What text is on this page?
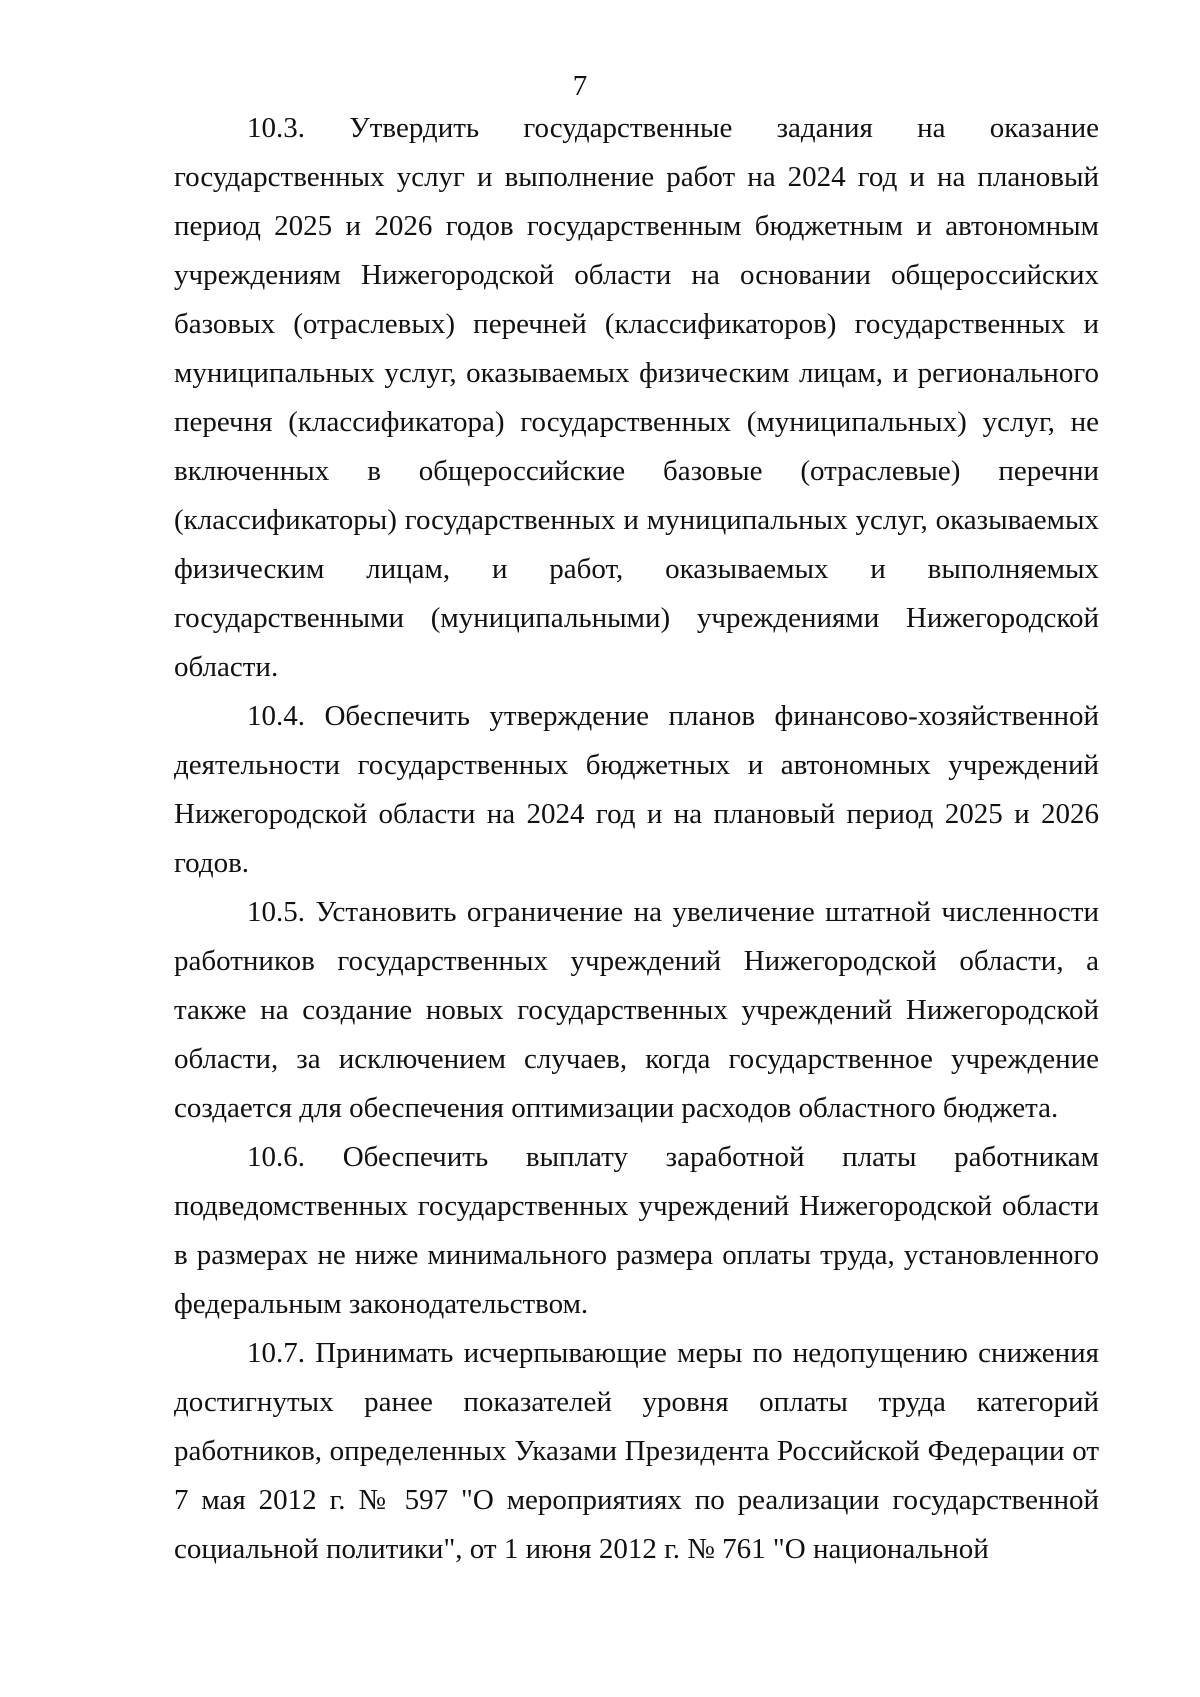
7

10.3. Утвердить государственные задания на оказание государственных услуг и выполнение работ на 2024 год и на плановый период 2025 и 2026 годов государственным бюджетным и автономным учреждениям Нижегородской области на основании общероссийских базовых (отраслевых) перечней (классификаторов) государственных и муниципальных услуг, оказываемых физическим лицам, и регионального перечня (классификатора) государственных (муниципальных) услуг, не включенных в общероссийские базовые (отраслевые) перечни (классификаторы) государственных и муниципальных услуг, оказываемых физическим лицам, и работ, оказываемых и выполняемых государственными (муниципальными) учреждениями Нижегородской области.

10.4. Обеспечить утверждение планов финансово-хозяйственной деятельности государственных бюджетных и автономных учреждений Нижегородской области на 2024 год и на плановый период 2025 и 2026 годов.

10.5. Установить ограничение на увеличение штатной численности работников государственных учреждений Нижегородской области, а также на создание новых государственных учреждений Нижегородской области, за исключением случаев, когда государственное учреждение создается для обеспечения оптимизации расходов областного бюджета.

10.6. Обеспечить выплату заработной платы работникам подведомственных государственных учреждений Нижегородской области в размерах не ниже минимального размера оплаты труда, установленного федеральным законодательством.

10.7. Принимать исчерпывающие меры по недопущению снижения достигнутых ранее показателей уровня оплаты труда категорий работников, определенных Указами Президента Российской Федерации от 7 мая 2012 г. № 597 "О мероприятиях по реализации государственной социальной политики", от 1 июня 2012 г. № 761 "О национальной
